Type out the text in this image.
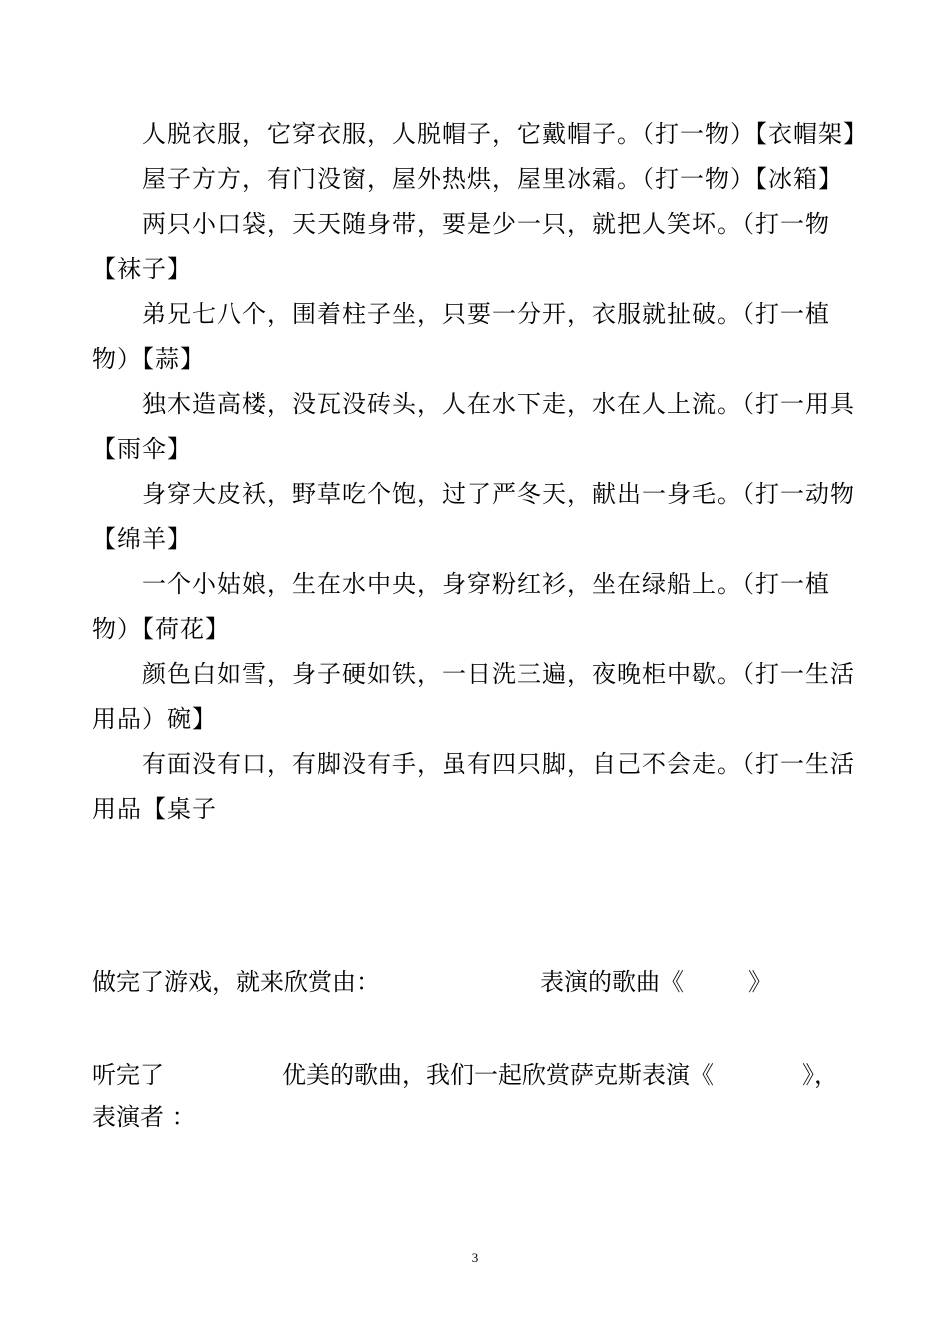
人脱衣服，它穿衣服，人脱帽子，它戴帽子。（打一物）【衣帽架】

屋子方方，有门没窗，屋外热烘，屋里冰霜。（打一物）【冰箱】

两只小口袋，天天随身带，要是少一只，就把人笑坏。（打一物【袜子】

弟兄七八个，围着柱子坐，只要一分开，衣服就扯破。（打一植物）【蒜】

独木造高楼，没瓦没砖头，人在水下走，水在人上流。（打一用具【雨伞】

身穿大皮袄，野草吃个饱，过了严冬天，献出一身毛。（打一动物【绵羊】

一个小姑娘，生在水中央，身穿粉红衫，坐在绿船上。（打一植物）【荷花】

颜色白如雪，身子硬如铁，一日洗三遍，夜晚柜中歇。（打一生活用品）碗】

有面没有口，有脚没有手，虽有四只脚，自己不会走。（打一生活用品【桌子

做完了游戏，就来欣赏由：	表演的歌曲《	》
听完了	优美的歌曲，我们一起欣赏萨克斯表演《	》，
表演者 ：
3
